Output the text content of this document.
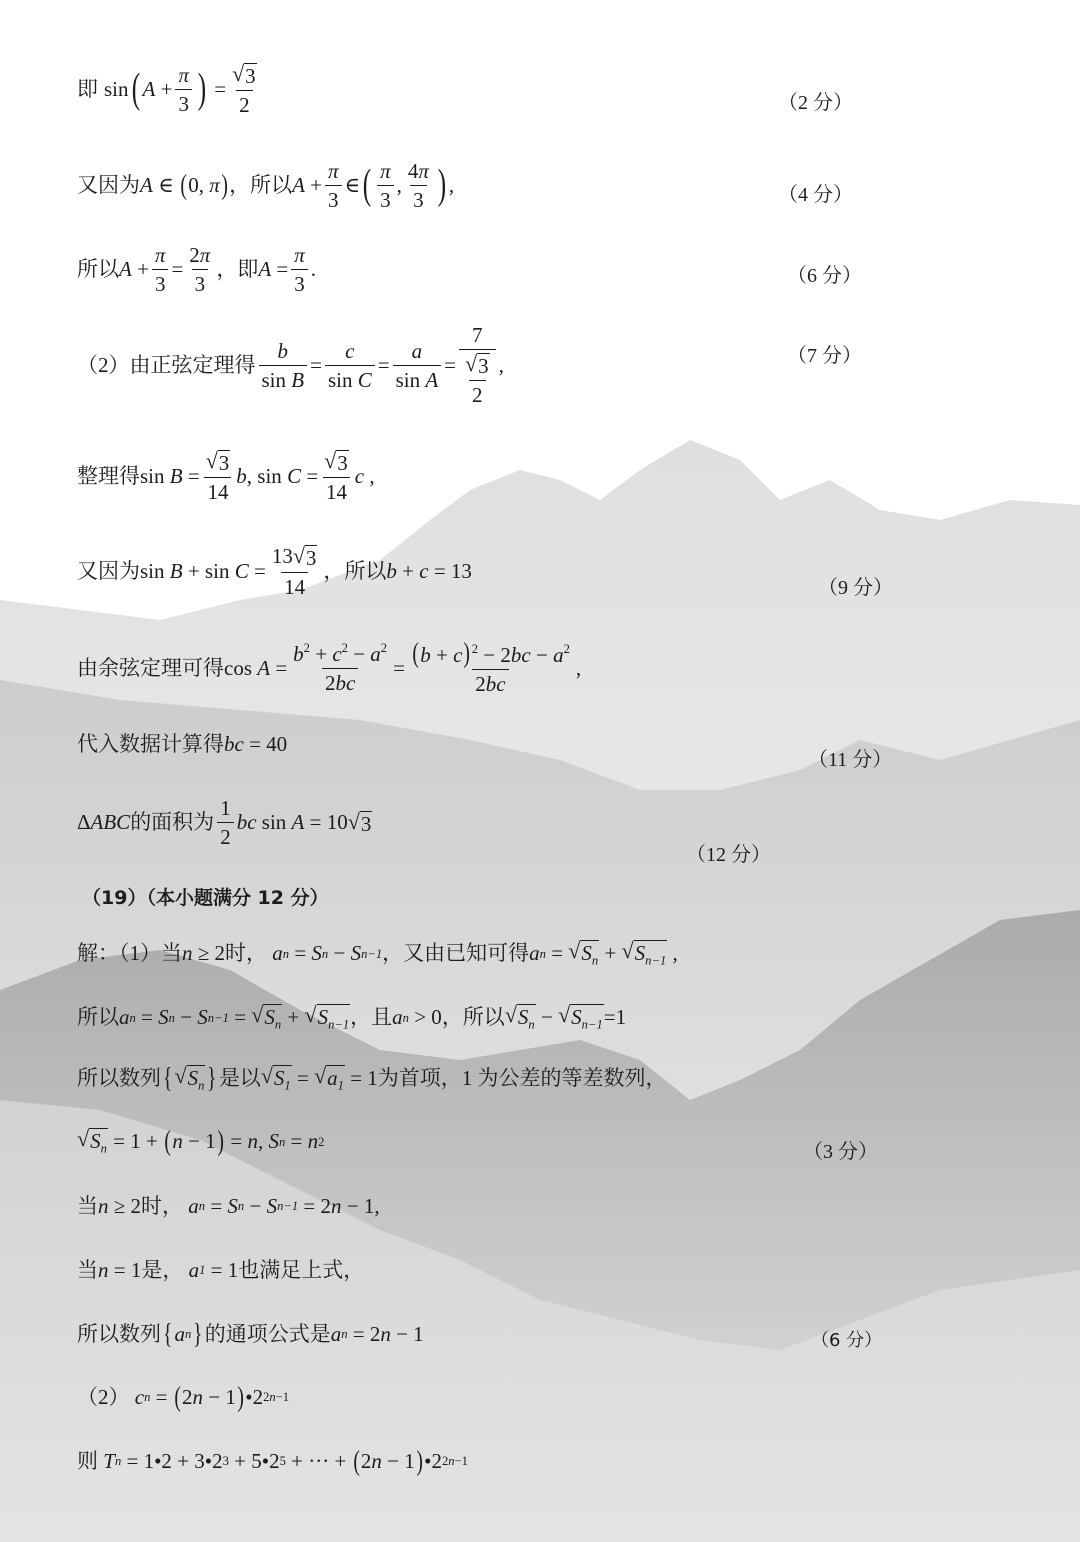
即 sin ( $A + \frac{\pi}{3}$ ) = $\frac{√ 3}{2}$	（2 分）
又因为 A ∈ ( 0, π ) ，所以 $A + \frac{\pi}{3}$ ∈ ( $\frac{\pi}{3}$ , $\frac{4\pi}{3}$ ) ,	（4 分）
所以 $A + \frac{\pi}{3} = \frac{2\pi}{3}$ ，即 $A = \frac{\pi}{3}$ .	（6 分）
（2）由正弦定理得 $\frac{b}{\text{sin B}} = \frac{c}{\text{sin C}} = \frac{a}{\text{sin A}} = \frac{7}{\frac{√ 3}{2}}$ ,	（7 分）
整理得 $\sin B = \frac{√ 3}{14}$ b , $\sin C = \frac{√ 3}{14}$ c ,
又因为 $\sin B + \sin C = \frac{13 √ 3}{14}$ ，所以 b + c = 13
（9 分）
由余弦定理可得 $\cos A = \frac{b^2 + c^2 - a^2}{2bc} = \frac{(b + c)^2 - 2bc - a^2}{2bc}$ ,
代入数据计算得 bc = 40
（11 分）
Δ ABC 的面积为 $\frac{1}{2}$ bc sin A = 10 √ 3
（12 分）
（19）（本小题满分 12 分）
解：（1）当 n ≥ 2 时，
a n = S n − S n−1 ，又由已知可得 a n = √ $S_n$ + √ $S_{n-1}$ ,
所以 a n = S n − S n−1 = √ $S_n$ + √ $S_{n-1}$ ，且 a n > 0 ，所以 √ $S_n$ − √ $S_{n-1} =1$
所以数列 { √ $S_n$ } 是以 √ $S_1$ = √ $a_1 = 1$ 为首项，1 为公差的等差数列，
√ $S_n = 1$ + ( n − 1 ) = n , S n = n 2	（3 分）
当 n ≥ 2 时，
a n = S n − S n−1 = 2 n − 1,
当 n = 1 是，
a 1 = 1 也满足上式，
所以数列 { a n } 的通项公式是 a n = 2 n − 1	（6 分）
（2）
c n = ( 2 n − 1 ) •2 2n−1
则
T n = 1•2 + 3•2 3 + 5•2 5 + ··· + ( 2 n − 1 ) •2 2n−1
